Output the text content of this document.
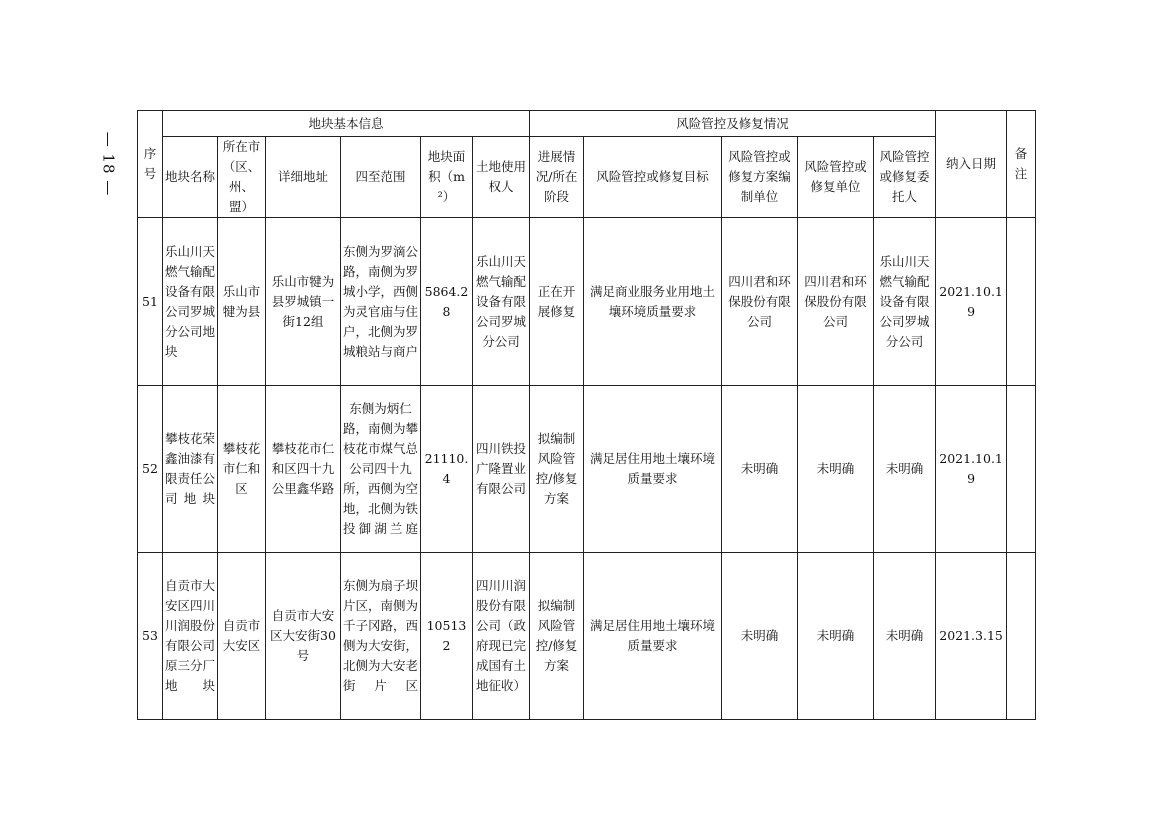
— 18 — 序号	地块基本信息						风险管控及修复情况					纳入日期	备注
	地块名称	所在市（区、州、盟）	详细地址	四至范围	地块面积（m²）	土地使用权人	进展情况/所在阶段	风险管控或修复目标	风险管控或修复方案编制单位	风险管控或修复单位	风险管控或修复委托人		
51	乐山川天燃气输配设备有限公司罗城分公司地块	乐山市犍为县	乐山市犍为县罗城镇一街12组	东侧为罗滴公路，南侧为罗城小学，西侧为灵官庙与住户，北侧为罗城粮站与商户	5864.28	乐山川天燃气输配设备有限公司罗城分公司	正在开展修复	满足商业服务业用地土壤环境质量要求	四川君和环保股份有限公司	四川君和环保股份有限公司	乐山川天燃气输配设备有限公司罗城分公司	2021.10.19	
52	攀枝花荣鑫油漆有限责任公司地块	攀枝花市仁和区	攀枝花市仁和区四十九公里鑫华路	东侧为炳仁路，南侧为攀枝花市煤气总公司四十九所，西侧为空地，北侧为铁投御湖兰庭	21110.4	四川铁投广隆置业有限公司	拟编制风险管控/修复方案	满足居住用地土壤环境质量要求	未明确	未明确	未明确	2021.10.19	
53	自贡市大安区四川川润股份有限公司原三分厂地块	自贡市大安区	自贡市大安区大安街30号	东侧为扇子坝片区，南侧为千子冈路，西侧为大安街，北侧为大安老街片区	105132	四川川润股份有限公司（政府现已完成国有土地征收）	拟编制风险管控/修复方案	满足居住用地土壤环境质量要求	未明确	未明确	未明确	2021.3.15	
